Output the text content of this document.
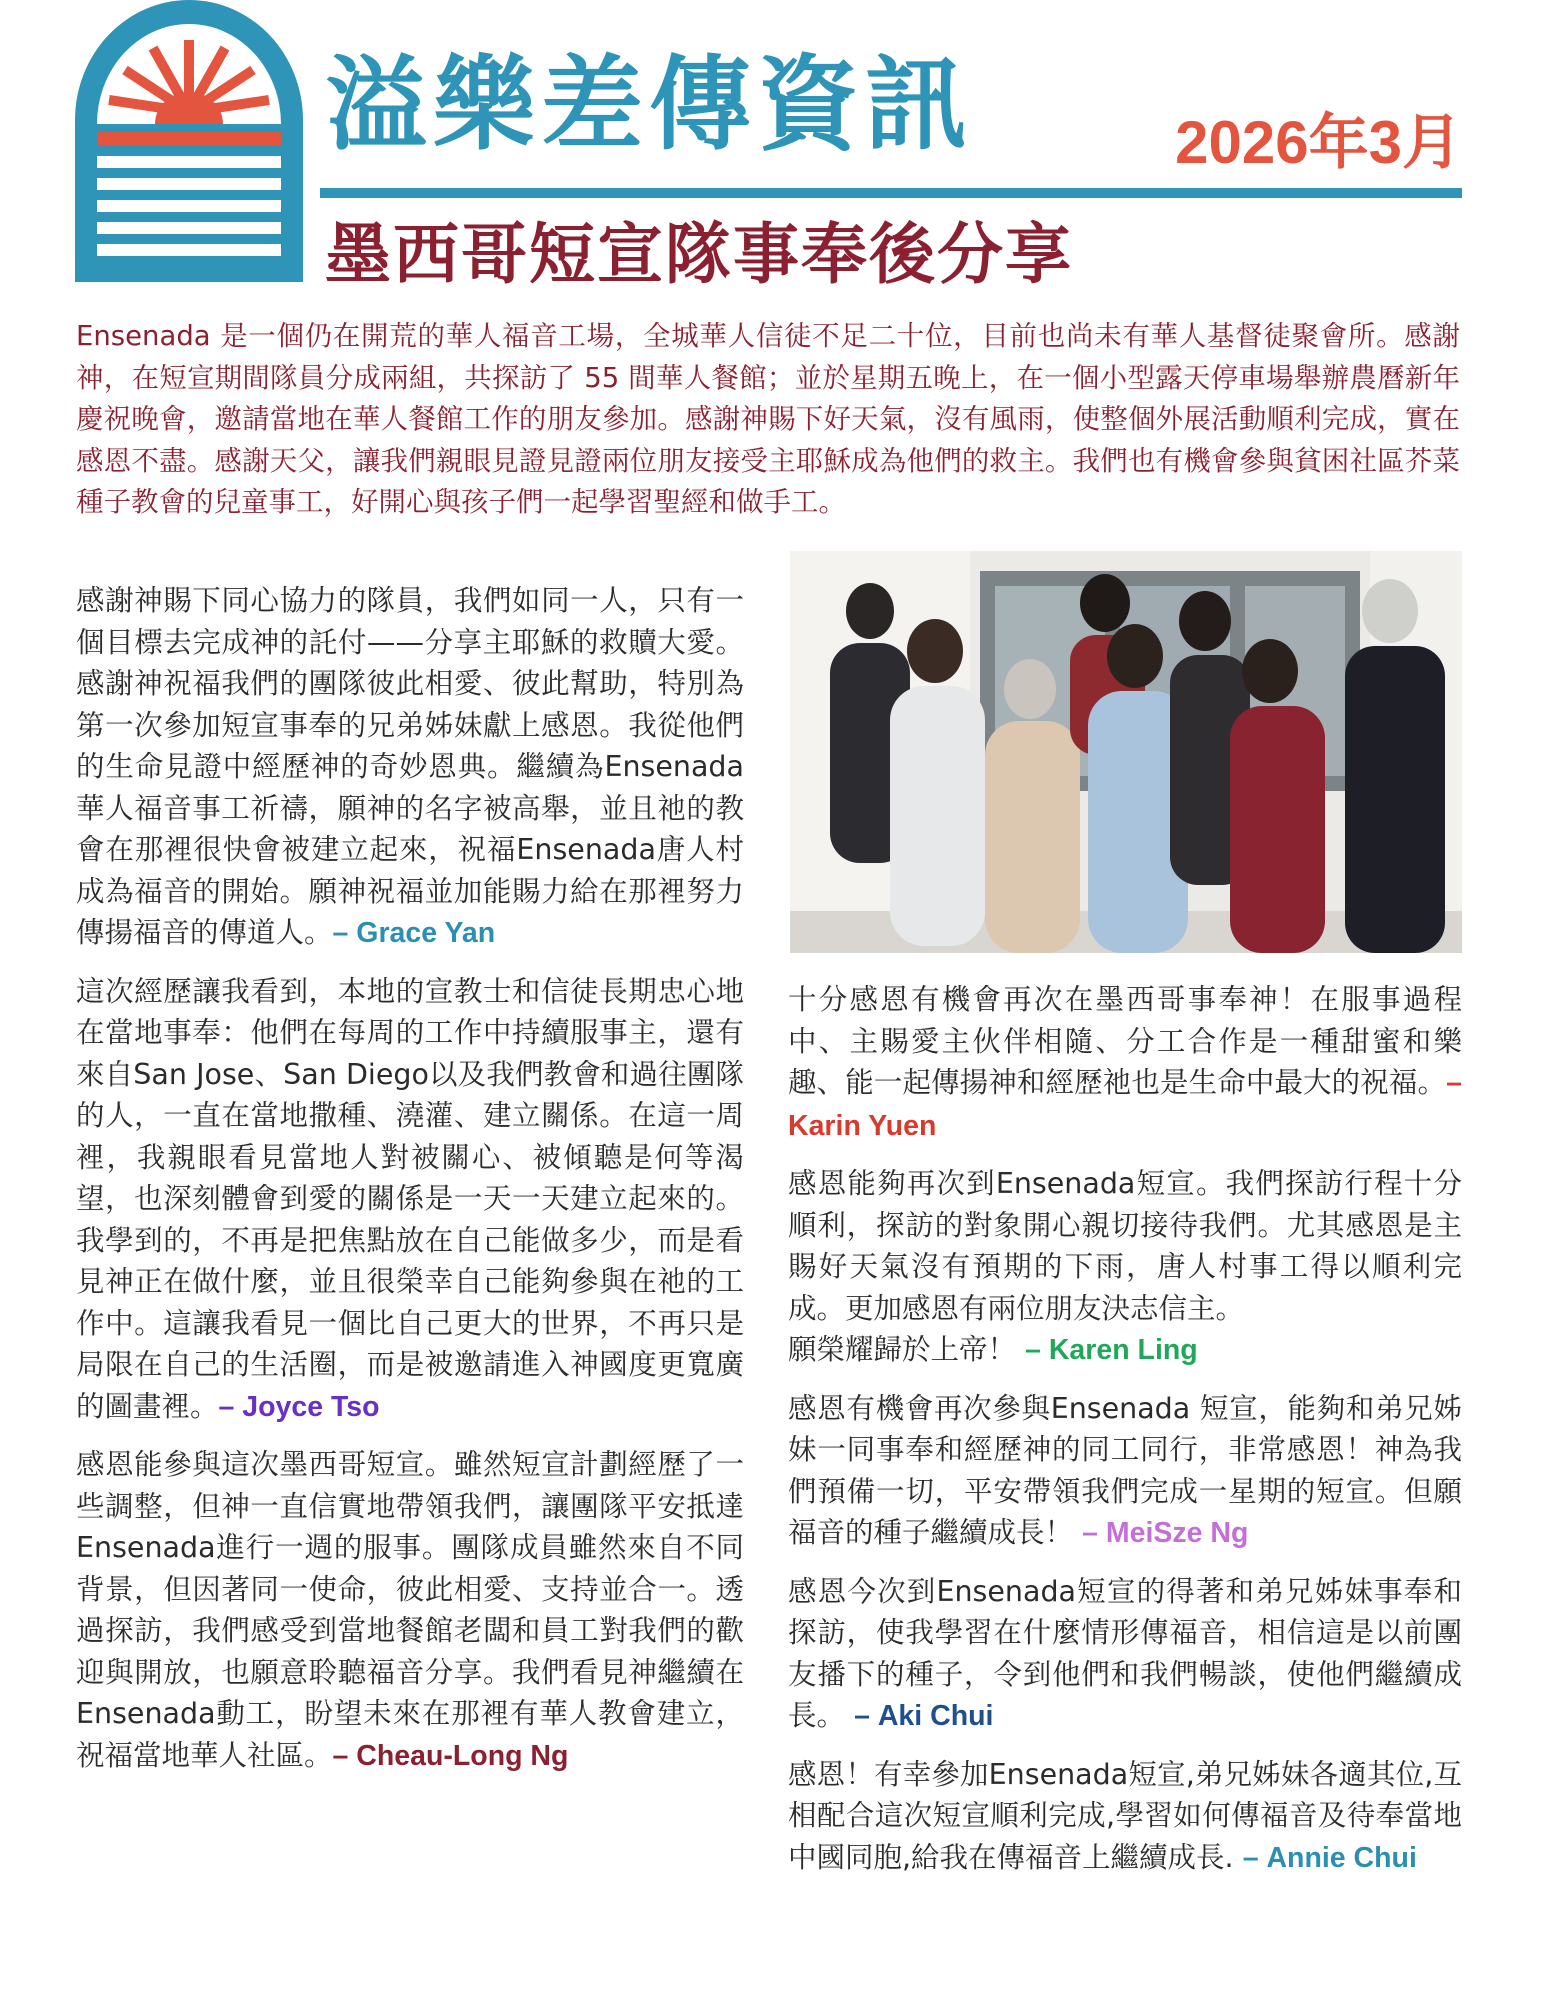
溢樂差傳資訊	2026年3月
墨西哥短宣隊事奉後分享
Ensenada 是一個仍在開荒的華人福音工場，全城華人信徒不足二十位，目前也尚未有華人基督徒聚會所。感謝神，在短宣期間隊員分成兩組，共探訪了 55 間華人餐館；並於星期五晚上，在一個小型露天停車場舉辦農曆新年慶祝晚會，邀請當地在華人餐館工作的朋友參加。感謝神賜下好天氣，沒有風雨，使整個外展活動順利完成，實在感恩不盡。感謝天父，讓我們親眼見證見證兩位朋友接受主耶穌成為他們的救主。我們也有機會參與貧困社區芥菜種子教會的兒童事工，好開心與孩子們一起學習聖經和做手工。

感謝神賜下同心協力的隊員，我們如同一人，只有一個目標去完成神的託付——分享主耶穌的救贖大愛。感謝神祝福我們的團隊彼此相愛、彼此幫助，特別為第一次參加短宣事奉的兄弟姊妹獻上感恩。我從他們的生命見證中經歷神的奇妙恩典。繼續為Ensenada華人福音事工祈禱，願神的名字被高舉，並且祂的教會在那裡很快會被建立起來，祝福Ensenada唐人村成為福音的開始。願神祝福並加能賜力給在那裡努力傳揚福音的傳道人。– Grace Yan

這次經歷讓我看到，本地的宣教士和信徒長期忠心地在當地事奉：他們在每周的工作中持續服事主，還有來自San Jose、San Diego以及我們教會和過往團隊的人，一直在當地撒種、澆灌、建立關係。在這一周裡，我親眼看見當地人對被關心、被傾聽是何等渴望，也深刻體會到愛的關係是一天一天建立起來的。我學到的，不再是把焦點放在自己能做多少，而是看見神正在做什麼，並且很榮幸自己能夠參與在祂的工作中。這讓我看見一個比自己更大的世界，不再只是局限在自己的生活圈，而是被邀請進入神國度更寬廣的圖畫裡。– Joyce Tso

感恩能參與這次墨西哥短宣。雖然短宣計劃經歷了一些調整，但神一直信實地帶領我們，讓團隊平安抵達Ensenada進行一週的服事。團隊成員雖然來自不同背景，但因著同一使命，彼此相愛、支持並合一。透過探訪，我們感受到當地餐館老闆和員工對我們的歡迎與開放，也願意聆聽福音分享。我們看見神繼續在Ensenada動工，盼望未來在那裡有華人教會建立，祝福當地華人社區。– Cheau-Long Ng

十分感恩有機會再次在墨西哥事奉神！在服事過程中、主賜愛主伙伴相隨、分工合作是一種甜蜜和樂趣、能一起傳揚神和經歷祂也是生命中最大的祝福。– Karin Yuen

感恩能夠再次到Ensenada短宣。我們探訪行程十分順利，探訪的對象開心親切接待我們。尤其感恩是主賜好天氣沒有預期的下雨，唐人村事工得以順利完成。更加感恩有兩位朋友決志信主。
願榮耀歸於上帝！ – Karen Ling

感恩有機會再次參與Ensenada 短宣，能夠和弟兄姊妹一同事奉和經歷神的同工同行，非常感恩！神為我們預備一切，平安帶領我們完成一星期的短宣。但願福音的種子繼續成長！ – MeiSze Ng

感恩今次到Ensenada短宣的得著和弟兄姊妹事奉和探訪，使我學習在什麼情形傳福音，相信這是以前團友播下的種子，令到他們和我們暢談，使他們繼續成長。 – Aki Chui

感恩！有幸參加Ensenada短宣,弟兄姊妹各適其位,互相配合這次短宣順利完成,學習如何傳福音及待奉當地中國同胞,給我在傳福音上繼續成長. – Annie Chui
